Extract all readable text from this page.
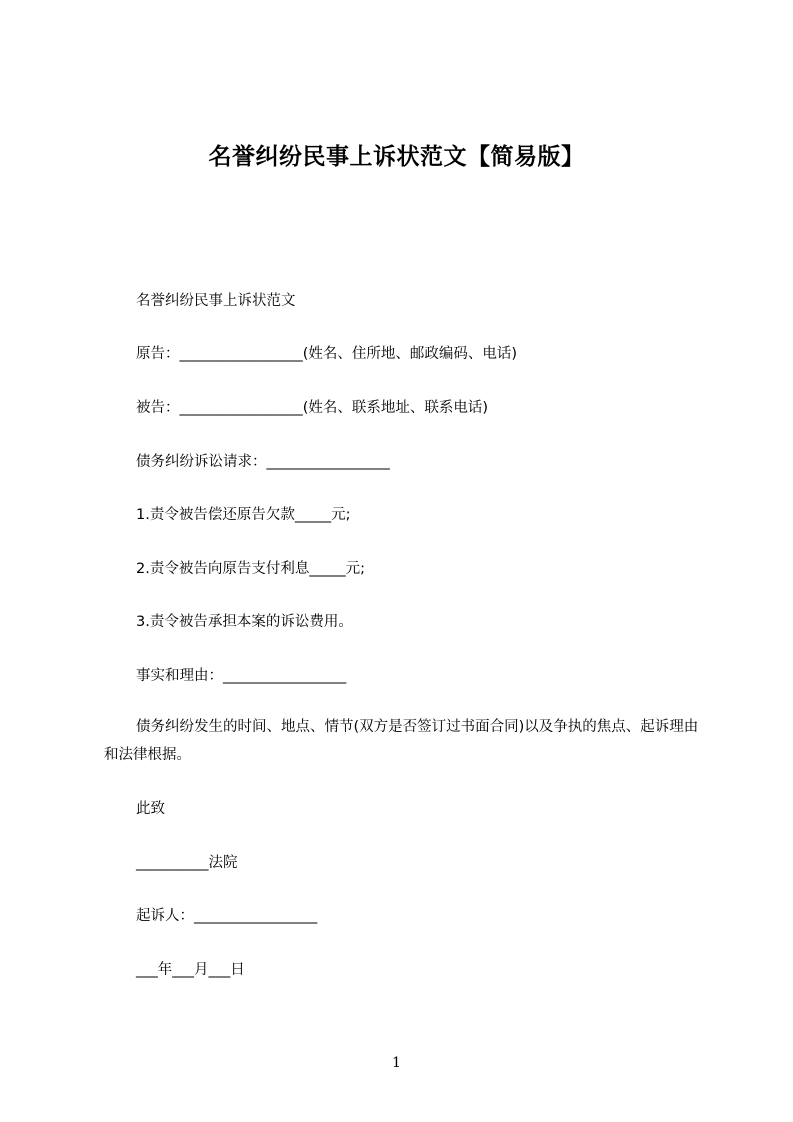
名誉纠纷民事上诉状范文【简易版】
名誉纠纷民事上诉状范文
原告：_________________(姓名、住所地、邮政编码、电话)
被告：_________________(姓名、联系地址、联系电话)
债务纠纷诉讼请求：_________________
1.责令被告偿还原告欠款_____元;
2.责令被告向原告支付利息_____元;
3.责令被告承担本案的诉讼费用。
事实和理由：_________________
债务纠纷发生的时间、地点、情节(双方是否签订过书面合同)以及争执的焦点、起诉理由和法律根据。
此致
__________法院
起诉人：_________________
___年___月___日
1
